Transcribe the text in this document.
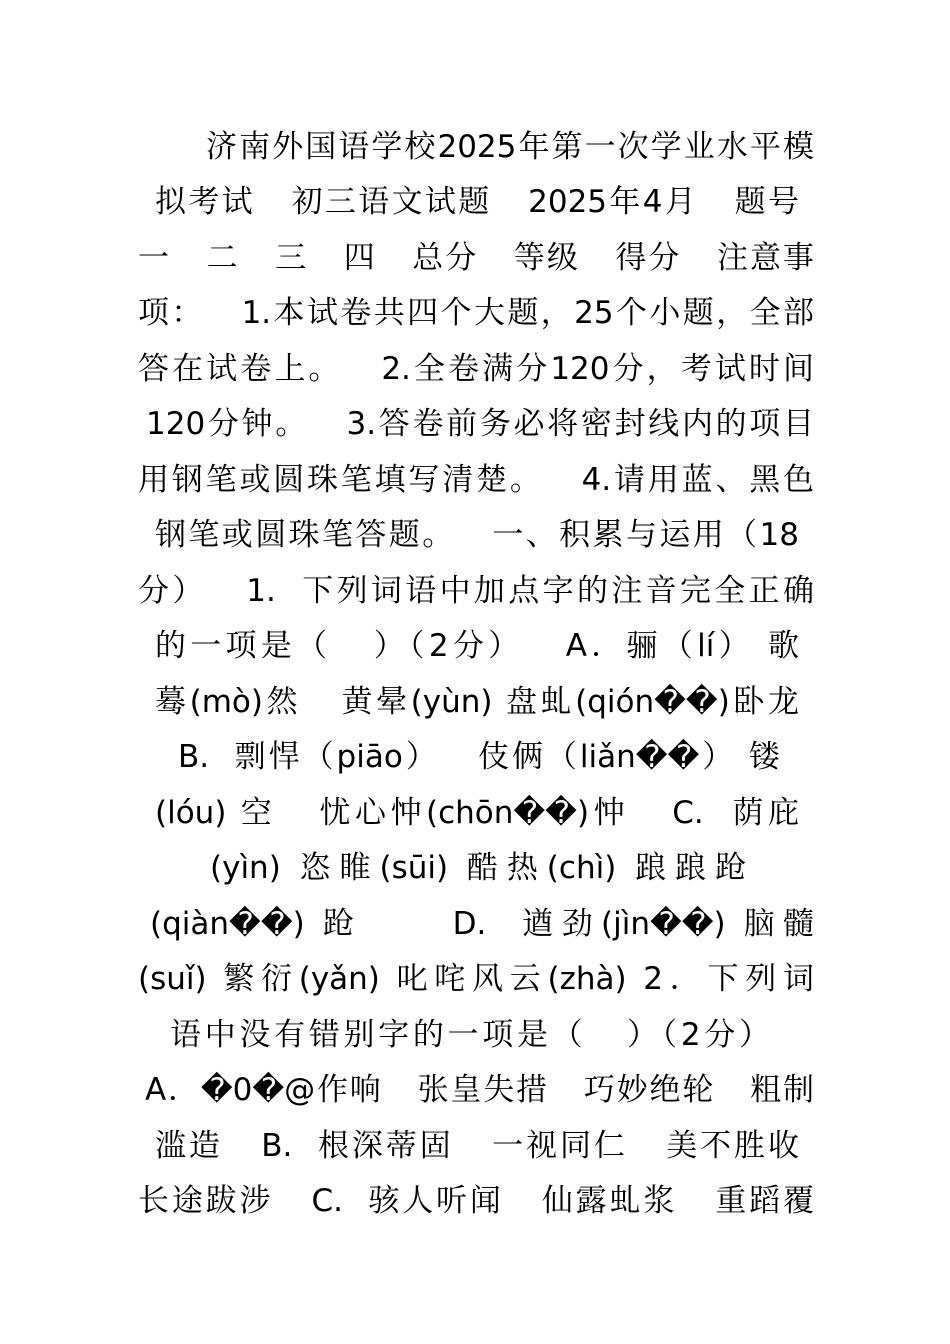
济南外国语学校2025年第一次学业水平模
拟考试   初三语文试题   2025年4月   题号
一   二   三   四   总分   等级   得分   注意事
项：   1.本试卷共四个大题，25个小题，全部
答在试卷上。   2.全卷满分120分，考试时间
120分钟。   3.答卷前务必将密封线内的项目
用钢笔或圆珠笔填写清楚。   4.请用蓝、黑色
钢笔或圆珠笔答题。   一、积累与运用（18
分）   1.  下列词语中加点字的注音完全正确
的一项是（   ）（2分）   A．骊（lí） 歌
蓦(mò)然   黄晕(yùn) 盘虬(qión��)卧龙
B.  剽悍（piāo）   伎俩（liǎn��） 镂
(lóu) 空   忧心忡(chōn��)忡   C.  荫庇
(yìn) 恣睢(sūi) 酷热(chì) 踉踉跄
(qiàn��) 跄     D.  遒劲(jìn��) 脑髓
(suǐ) 繁衍(yǎn) 叱咤风云(zhà) 2．下列词
语中没有错别字的一项是（   ）（2分）
A．�0�@作响   张皇失措   巧妙绝轮   粗制
滥造   B.  根深蒂固   一视同仁   美不胜收
长途跋涉   C.  骇人听闻   仙露虬浆   重蹈覆
